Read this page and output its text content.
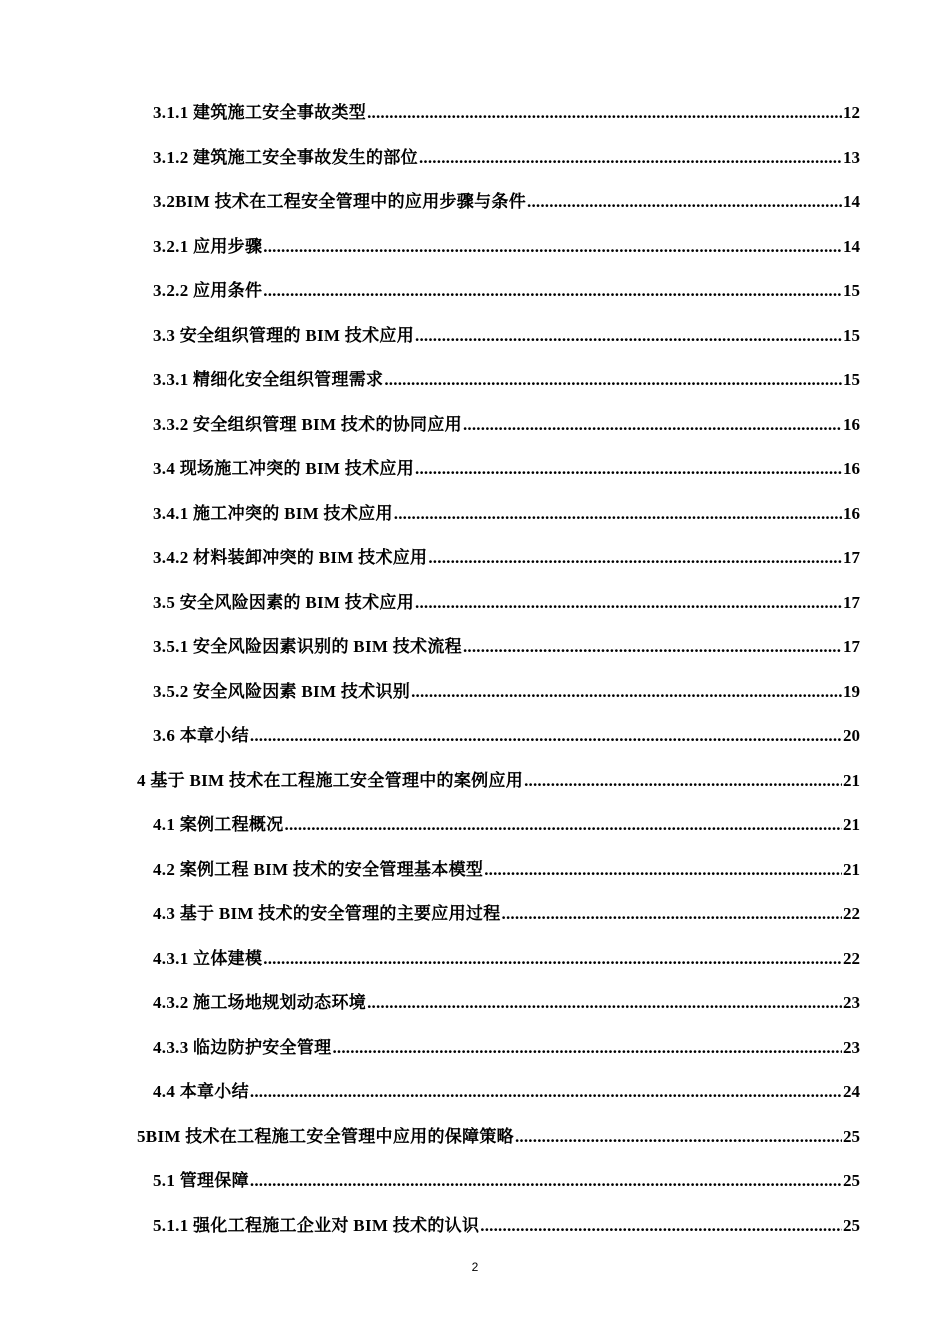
3.1.1 建筑施工安全事故类型 .....	12
3.1.2 建筑施工安全事故发生的部位 .....	13
3.2BIM 技术在工程安全管理中的应用步骤与条件 .....	14
3.2.1 应用步骤 .....	14
3.2.2 应用条件 .....	15
3.3 安全组织管理的 BIM 技术应用 .....	15
3.3.1 精细化安全组织管理需求 .....	15
3.3.2 安全组织管理 BIM 技术的协同应用 .....	16
3.4 现场施工冲突的 BIM 技术应用 .....	16
3.4.1 施工冲突的 BIM 技术应用 .....	16
3.4.2 材料装卸冲突的 BIM 技术应用 .....	17
3.5 安全风险因素的 BIM 技术应用 .....	17
3.5.1 安全风险因素识别的 BIM 技术流程 .....	17
3.5.2 安全风险因素 BIM 技术识别 .....	19
3.6 本章小结 .....	20
4 基于 BIM 技术在工程施工安全管理中的案例应用 .....	21
4.1 案例工程概况 .....	21
4.2 案例工程 BIM 技术的安全管理基本模型 .....	21
4.3 基于 BIM 技术的安全管理的主要应用过程 .....	22
4.3.1 立体建模 .....	22
4.3.2 施工场地规划动态环境 .....	23
4.3.3 临边防护安全管理 .....	23
4.4 本章小结 .....	24
5BIM 技术在工程施工安全管理中应用的保障策略 .....	25
5.1 管理保障 .....	25
5.1.1 强化工程施工企业对 BIM 技术的认识 .....	25
2
